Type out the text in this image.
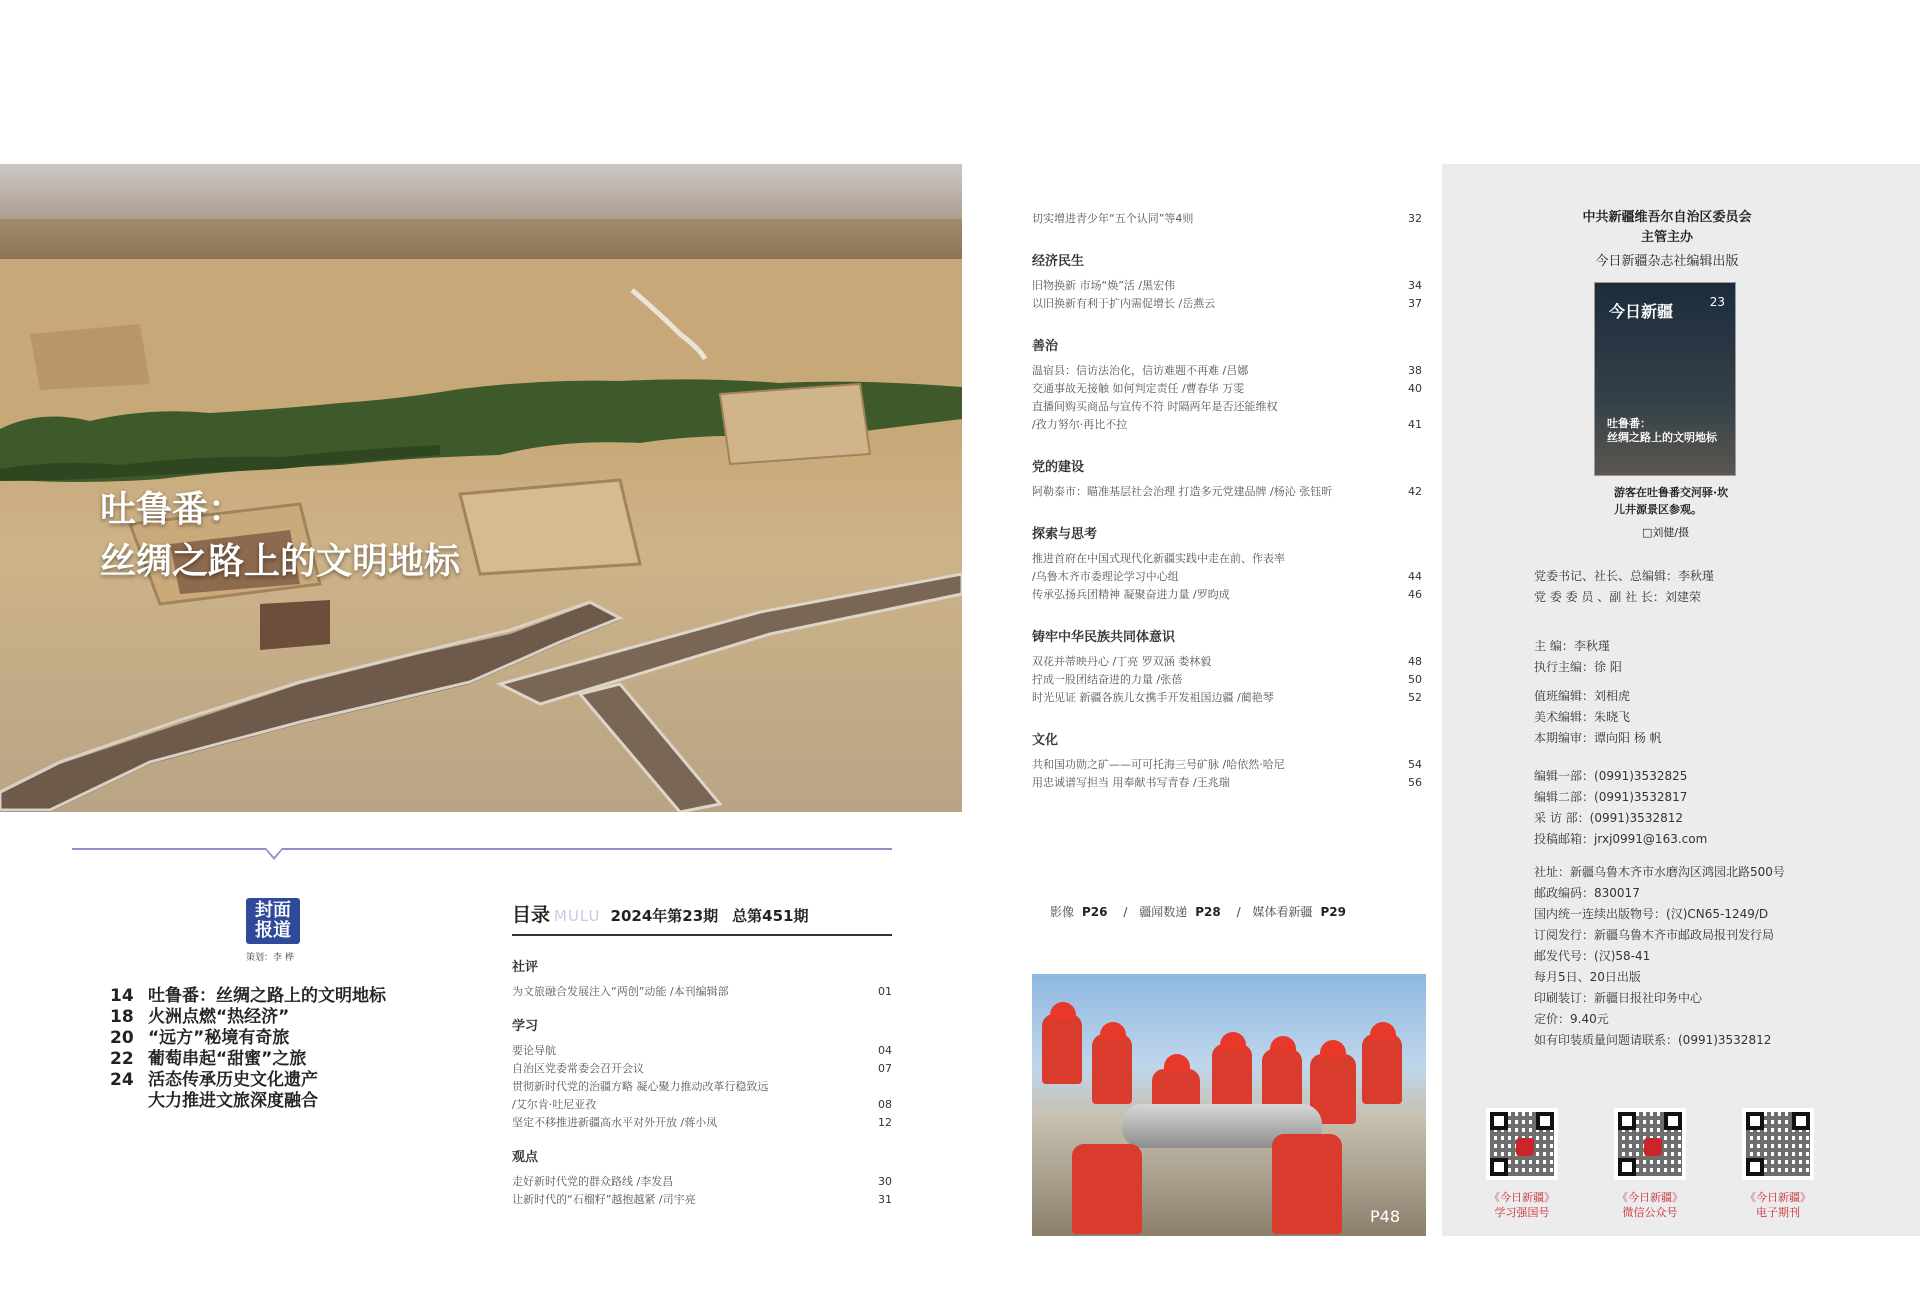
吐鲁番：
丝绸之路上的文明地标
封面
报道
策划：李 桦
14 吐鲁番：丝绸之路上的文明地标
18 火洲点燃“热经济”
20 “远方”秘境有奇旅
22 葡萄串起“甜蜜”之旅
24 活态传承历史文化遗产
大力推进文旅深度融合
目录 MULU 2024年第23期 总第451期
社评
为文旅融合发展注入“两创”动能 /本刊编辑部	01
学习
要论导航	04
自治区党委常委会召开会议	07
贯彻新时代党的治疆方略 凝心聚力推动改革行稳致远
/艾尔肯·吐尼亚孜	08
坚定不移推进新疆高水平对外开放 /蒋小凤	12
观点
走好新时代党的群众路线 /李发昌	30
让新时代的“石榴籽”越抱越紧 /司宇亮	31
切实增进青少年“五个认同”等4则	32
经济民生
旧物换新 市场“焕”活 /黑宏伟	34
以旧换新有利于扩内需促增长 /岳燕云	37
善治
温宿县：信访法治化，信访难题不再难 /吕娜	38
交通事故无接触 如何判定责任 /曹春华 万雯	40
直播间购买商品与宣传不符 时隔两年是否还能维权
/孜力努尔·再比不拉	41
党的建设
阿勒泰市：瞄准基层社会治理 打造多元党建品牌 /杨沁 张钰昕	42
探索与思考
推进首府在中国式现代化新疆实践中走在前、作表率
/乌鲁木齐市委理论学习中心组	44
传承弘扬兵团精神 凝聚奋进力量 /罗昀成	46
铸牢中华民族共同体意识
双花并蒂映丹心 /丁亮 罗双涵 娄林毅	48
拧成一股团结奋进的力量 /张蓓	50
时光见证 新疆各族儿女携手开发祖国边疆 /蔺艳琴	52
文化
共和国功勋之矿——可可托海三号矿脉 /哈依然·哈尼	54
用忠诚谱写担当 用奉献书写青春 /王兆瑞	56
影像 P26 / 疆闻数递 P28 / 媒体看新疆 P29
P48
中共新疆维吾尔自治区委员会
主管主办
今日新疆杂志社编辑出版
今日新疆	23
吐鲁番：
丝绸之路上的文明地标
游客在吐鲁番交河驿·坎
儿井源景区参观。
□刘健/摄
党委书记、社长、总编辑：李秋瑾
党 委 委 员 、副 社 长：刘建荣
主 编：李秋瑾
执行主编：徐 阳
值班编辑：刘相虎
美术编辑：朱晓飞
本期编审：谭向阳 杨 帆
编辑一部：(0991)3532825
编辑二部：(0991)3532817
采 访 部：(0991)3532812
投稿邮箱：jrxj0991@163.com
社址：新疆乌鲁木齐市水磨沟区鸿园北路500号
邮政编码：830017
国内统一连续出版物号：(汉)CN65-1249/D
订阅发行：新疆乌鲁木齐市邮政局报刊发行局
邮发代号：(汉)58-41
每月5日、20日出版
印刷装订：新疆日报社印务中心
定价：9.40元
如有印装质量问题请联系：(0991)3532812
《今日新疆》
学习强国号
《今日新疆》
微信公众号
《今日新疆》
电子期刊
